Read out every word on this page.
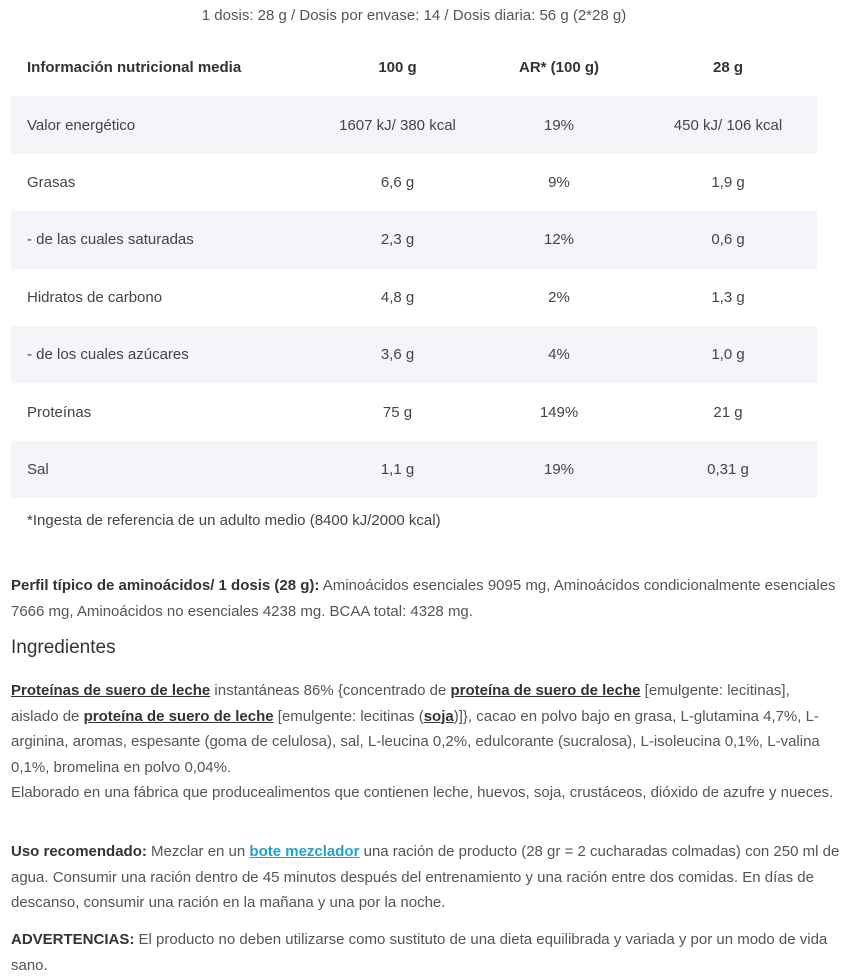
1 dosis: 28 g / Dosis por envase: 14 / Dosis diaria: 56 g (2*28 g)
Información nutricional media	100 g	AR* (100 g)	28 g
Valor energético	1607 kJ/ 380 kcal	19%	450 kJ/ 106 kcal
Grasas	6,6 g	9%	1,9 g
- de las cuales saturadas	2,3 g	12%	0,6 g
Hidratos de carbono	4,8 g	2%	1,3 g
- de los cuales azúcares	3,6 g	4%	1,0 g
Proteínas	75 g	149%	21 g
Sal	1,1 g	19%	0,31 g
*Ingesta de referencia de un adulto medio (8400 kJ/2000 kcal)
Perfil típico de aminoácidos/ 1 dosis (28 g): Aminoácidos esenciales 9095 mg, Aminoácidos condicionalmente esenciales 7666 mg, Aminoácidos no esenciales 4238 mg. BCAA total: 4328 mg.
Ingredientes
Proteínas de suero de leche instantáneas 86% {concentrado de proteína de suero de leche [emulgente: lecitinas], aislado de proteína de suero de leche [emulgente: lecitinas (soja)]}, cacao en polvo bajo en grasa, L-glutamina 4,7%, L-arginina, aromas, espesante (goma de celulosa), sal, L-leucina 0,2%, edulcorante (sucralosa), L-isoleucina 0,1%, L-valina 0,1%, bromelina en polvo 0,04%.
Elaborado en una fábrica que producealimentos que contienen leche, huevos, soja, crustáceos, dióxido de azufre y nueces.
Uso recomendado: Mezclar en un bote mezclador una ración de producto (28 gr = 2 cucharadas colmadas) con 250 ml de agua. Consumir una ración dentro de 45 minutos después del entrenamiento y una ración entre dos comidas. En días de descanso, consumir una ración en la mañana y una por la noche.
ADVERTENCIAS: El producto no deben utilizarse como sustituto de una dieta equilibrada y variada y por un modo de vida sano.
